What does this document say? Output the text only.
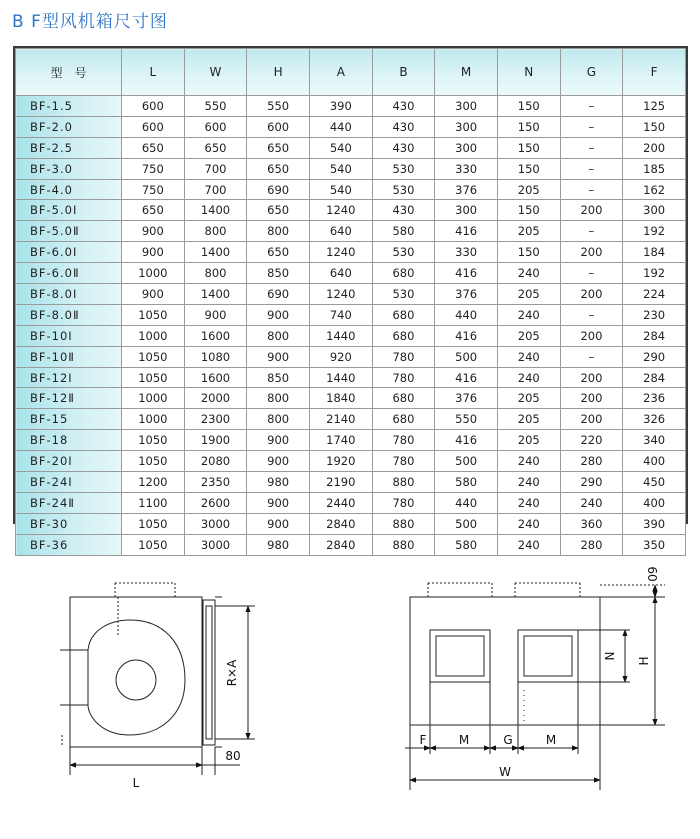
B F型风机箱尺寸图
型　号	L	W	H	A	B	M	N	G	F
BF-1.5	600	550	550	390	430	300	150	–	125
BF-2.0	600	600	600	440	430	300	150	–	150
BF-2.5	650	650	650	540	430	300	150	–	200
BF-3.0	750	700	650	540	530	330	150	–	185
BF-4.0	750	700	690	540	530	376	205	–	162
BF-5.0Ⅰ	650	1400	650	1240	430	300	150	200	300
BF-5.0Ⅱ	900	800	800	640	580	416	205	–	192
BF-6.0Ⅰ	900	1400	650	1240	530	330	150	200	184
BF-6.0Ⅱ	1000	800	850	640	680	416	240	–	192
BF-8.0Ⅰ	900	1400	690	1240	530	376	205	200	224
BF-8.0Ⅱ	1050	900	900	740	680	440	240	–	230
BF-10Ⅰ	1000	1600	800	1440	680	416	205	200	284
BF-10Ⅱ	1050	1080	900	920	780	500	240	–	290
BF-12Ⅰ	1050	1600	850	1440	780	416	240	200	284
BF-12Ⅱ	1000	2000	800	1840	680	376	205	200	236
BF-15	1000	2300	800	2140	680	550	205	200	326
BF-18	1050	1900	900	1740	780	416	205	220	340
BF-20Ⅰ	1050	2080	900	1920	780	500	240	280	400
BF-24Ⅰ	1200	2350	980	2190	880	580	240	290	450
BF-24Ⅱ	1100	2600	900	2440	780	440	240	240	400
BF-30	1050	3000	900	2840	880	500	240	360	390
BF-36	1050	3000	980	2840	880	580	240	280	350
L
80
R×A
60
N
H
F	M	G	M
W
